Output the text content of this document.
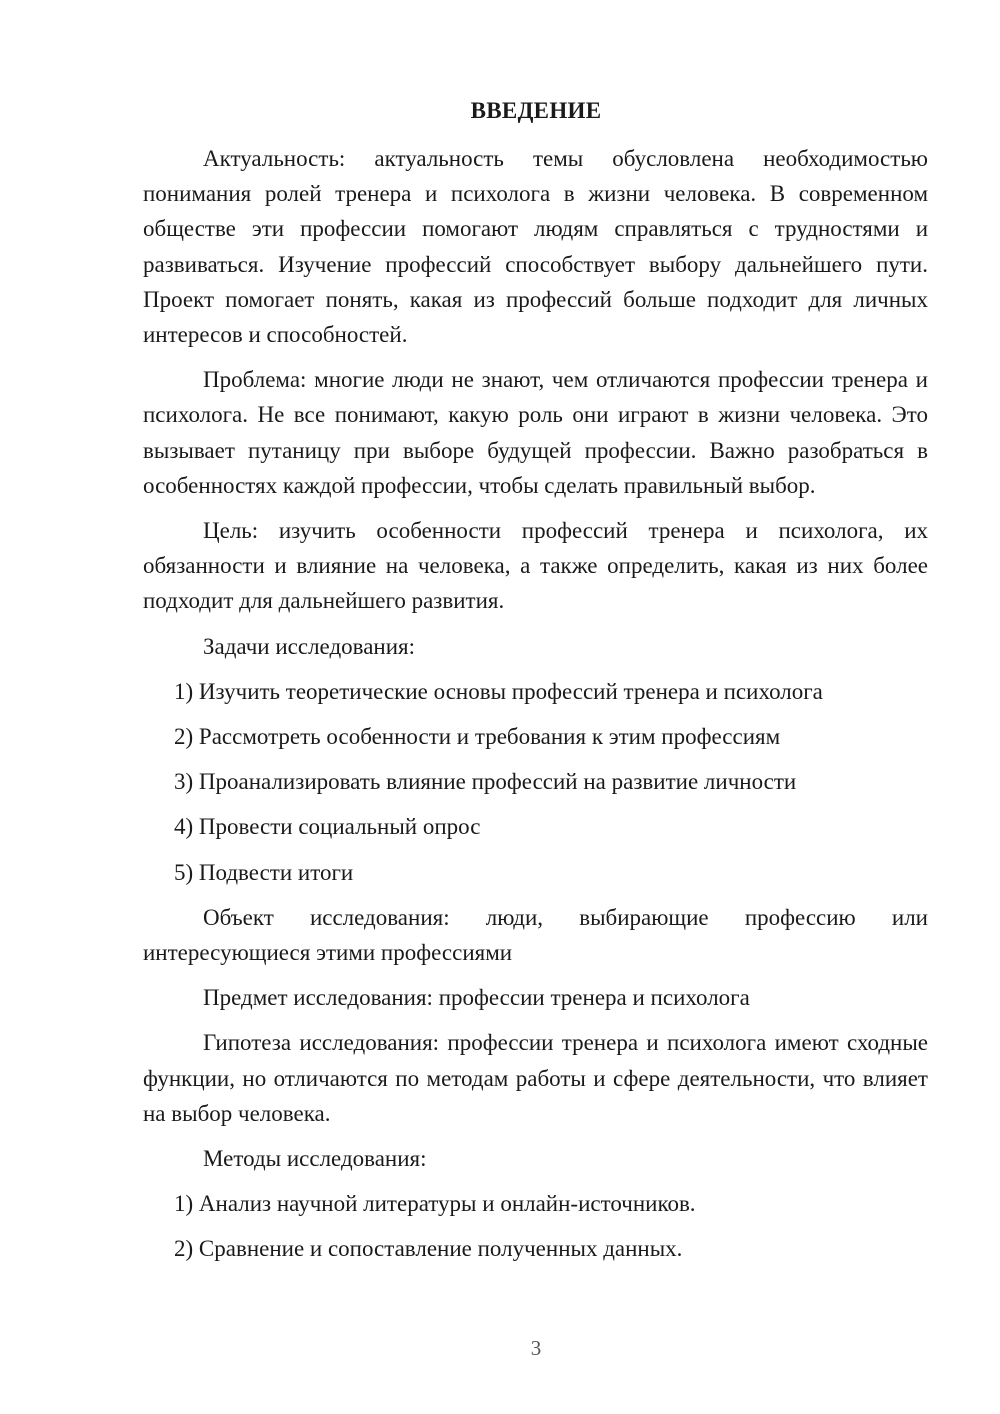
ВВЕДЕНИЕ

Актуальность: актуальность темы обусловлена необходимостью понимания ролей тренера и психолога в жизни человека. В современном обществе эти профессии помогают людям справляться с трудностями и развиваться. Изучение профессий способствует выбору дальнейшего пути. Проект помогает понять, какая из профессий больше подходит для личных интересов и способностей.

Проблема: многие люди не знают, чем отличаются профессии тренера и психолога. Не все понимают, какую роль они играют в жизни человека. Это вызывает путаницу при выборе будущей профессии. Важно разобраться в особенностях каждой профессии, чтобы сделать правильный выбор.

Цель: изучить особенности профессий тренера и психолога, их обязанности и влияние на человека, а также определить, какая из них более подходит для дальнейшего развития.

Задачи исследования:

1) Изучить теоретические основы профессий тренера и психолога

2) Рассмотреть особенности и требования к этим профессиям

3) Проанализировать влияние профессий на развитие личности

4) Провести социальный опрос

5) Подвести итоги

Объект исследования: люди, выбирающие профессию или интересующиеся этими профессиями

Предмет исследования: профессии тренера и психолога

Гипотеза исследования: профессии тренера и психолога имеют сходные функции, но отличаются по методам работы и сфере деятельности, что влияет на выбор человека.

Методы исследования:

1) Анализ научной литературы и онлайн-источников.

2) Сравнение и сопоставление полученных данных.

3
